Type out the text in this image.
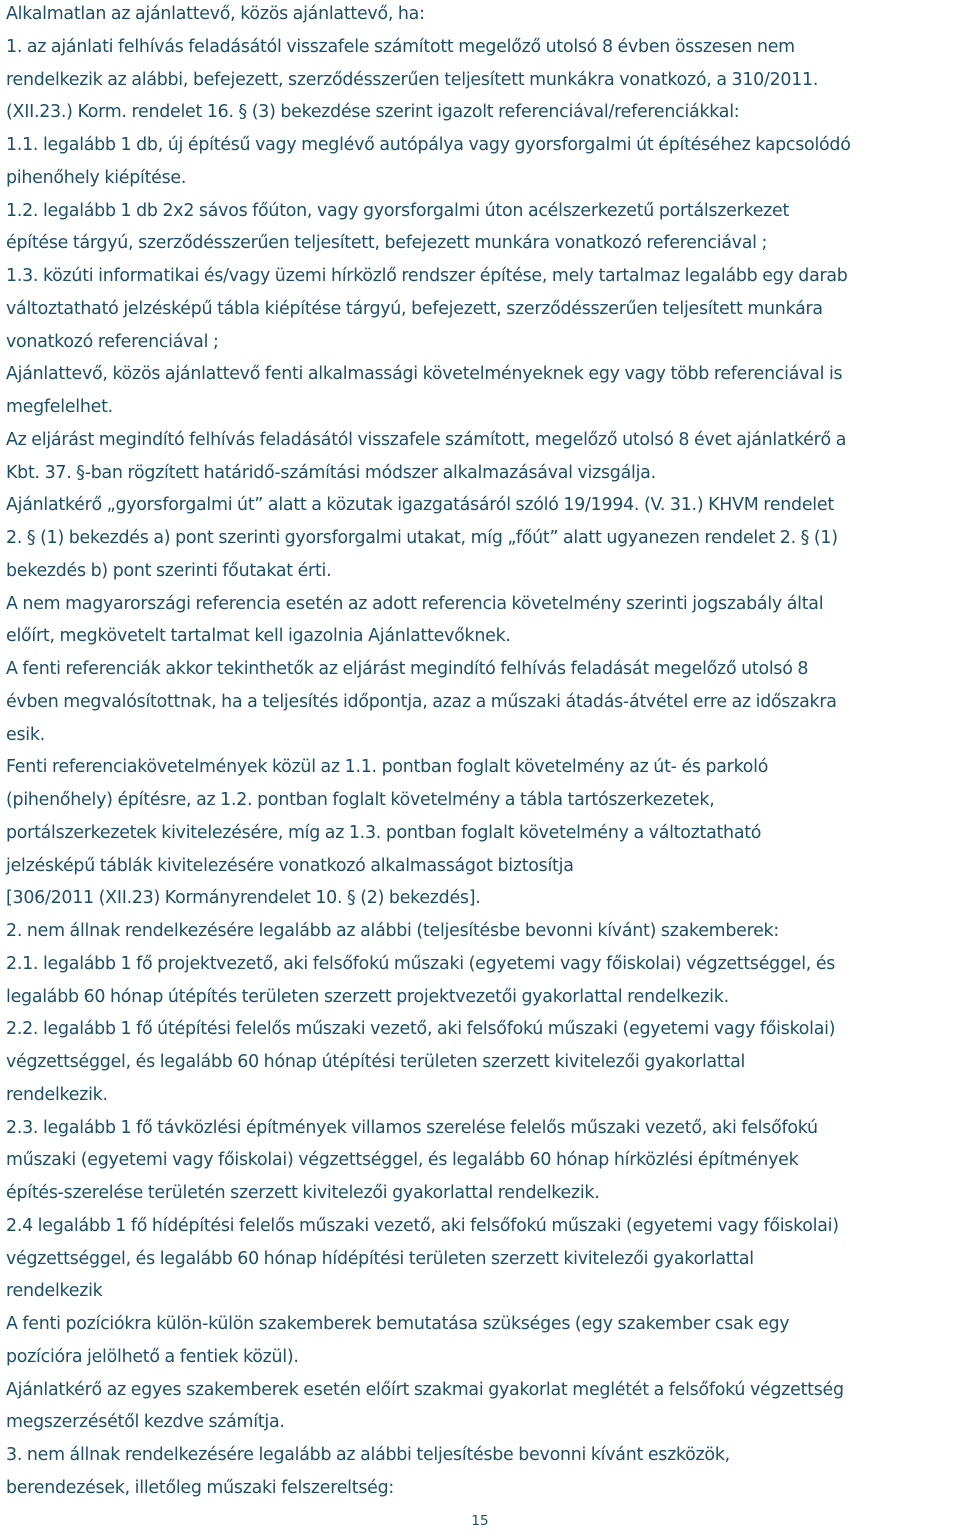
Alkalmatlan az ajánlattevő, közös ajánlattevő, ha:

1. az ajánlati felhívás feladásától visszafele számított megelőző utolsó 8 évben összesen nem

rendelkezik az alábbi, befejezett, szerződésszerűen teljesített munkákra vonatkozó, a 310/2011.

(XII.23.) Korm. rendelet 16. § (3) bekezdése szerint igazolt referenciával/referenciákkal:

1.1. legalább 1 db, új építésű vagy meglévő autópálya vagy gyorsforgalmi út építéséhez kapcsolódó

pihenőhely kiépítése.

1.2. legalább 1 db 2x2 sávos főúton, vagy gyorsforgalmi úton acélszerkezetű portálszerkezet

építése tárgyú, szerződésszerűen teljesített, befejezett munkára vonatkozó referenciával ;

1.3. közúti informatikai és/vagy üzemi hírközlő rendszer építése, mely tartalmaz legalább egy darab

változtatható jelzésképű tábla kiépítése tárgyú, befejezett, szerződésszerűen teljesített munkára

vonatkozó referenciával ;

Ajánlattevő, közös ajánlattevő fenti alkalmassági követelményeknek egy vagy több referenciával is

megfelelhet.

Az eljárást megindító felhívás feladásától visszafele számított, megelőző utolsó 8 évet ajánlatkérő a

Kbt. 37. §-ban rögzített határidő-számítási módszer alkalmazásával vizsgálja.

Ajánlatkérő „gyorsforgalmi út” alatt a közutak igazgatásáról szóló 19/1994. (V. 31.) KHVM rendelet

2. § (1) bekezdés a) pont szerinti gyorsforgalmi utakat, míg „főút” alatt ugyanezen rendelet 2. § (1)

bekezdés b) pont szerinti főutakat érti.

A nem magyarországi referencia esetén az adott referencia követelmény szerinti jogszabály által

előírt, megkövetelt tartalmat kell igazolnia Ajánlattevőknek.

A fenti referenciák akkor tekinthetők az eljárást megindító felhívás feladását megelőző utolsó 8

évben megvalósítottnak, ha a teljesítés időpontja, azaz a műszaki átadás-átvétel erre az időszakra

esik.

Fenti referenciakövetelmények közül az 1.1. pontban foglalt követelmény az út- és parkoló

(pihenőhely) építésre, az 1.2. pontban foglalt követelmény a tábla tartószerkezetek,

portálszerkezetek kivitelezésére, míg az 1.3. pontban foglalt követelmény a változtatható

jelzésképű táblák kivitelezésére vonatkozó alkalmasságot biztosítja

[306/2011 (XII.23) Kormányrendelet 10. § (2) bekezdés].

2. nem állnak rendelkezésére legalább az alábbi (teljesítésbe bevonni kívánt) szakemberek:

2.1. legalább 1 fő projektvezető, aki felsőfokú műszaki (egyetemi vagy főiskolai) végzettséggel, és

legalább 60 hónap útépítés területen szerzett projektvezetői gyakorlattal rendelkezik.

2.2. legalább 1 fő útépítési felelős műszaki vezető, aki felsőfokú műszaki (egyetemi vagy főiskolai)

végzettséggel, és legalább 60 hónap útépítési területen szerzett kivitelezői gyakorlattal

rendelkezik.

2.3. legalább 1 fő távközlési építmények villamos szerelése felelős műszaki vezető, aki felsőfokú

műszaki (egyetemi vagy főiskolai) végzettséggel, és legalább 60 hónap hírközlési építmények

építés-szerelése területén szerzett kivitelezői gyakorlattal rendelkezik.

2.4 legalább 1 fő hídépítési felelős műszaki vezető, aki felsőfokú műszaki (egyetemi vagy főiskolai)

végzettséggel, és legalább 60 hónap hídépítési területen szerzett kivitelezői gyakorlattal

rendelkezik

A fenti pozíciókra külön-külön szakemberek bemutatása szükséges (egy szakember csak egy

pozícióra jelölhető a fentiek közül).

Ajánlatkérő az egyes szakemberek esetén előírt szakmai gyakorlat meglétét a felsőfokú végzettség

megszerzésétől kezdve számítja.

3. nem állnak rendelkezésére legalább az alábbi teljesítésbe bevonni kívánt eszközök,

berendezések, illetőleg műszaki felszereltség:

15
